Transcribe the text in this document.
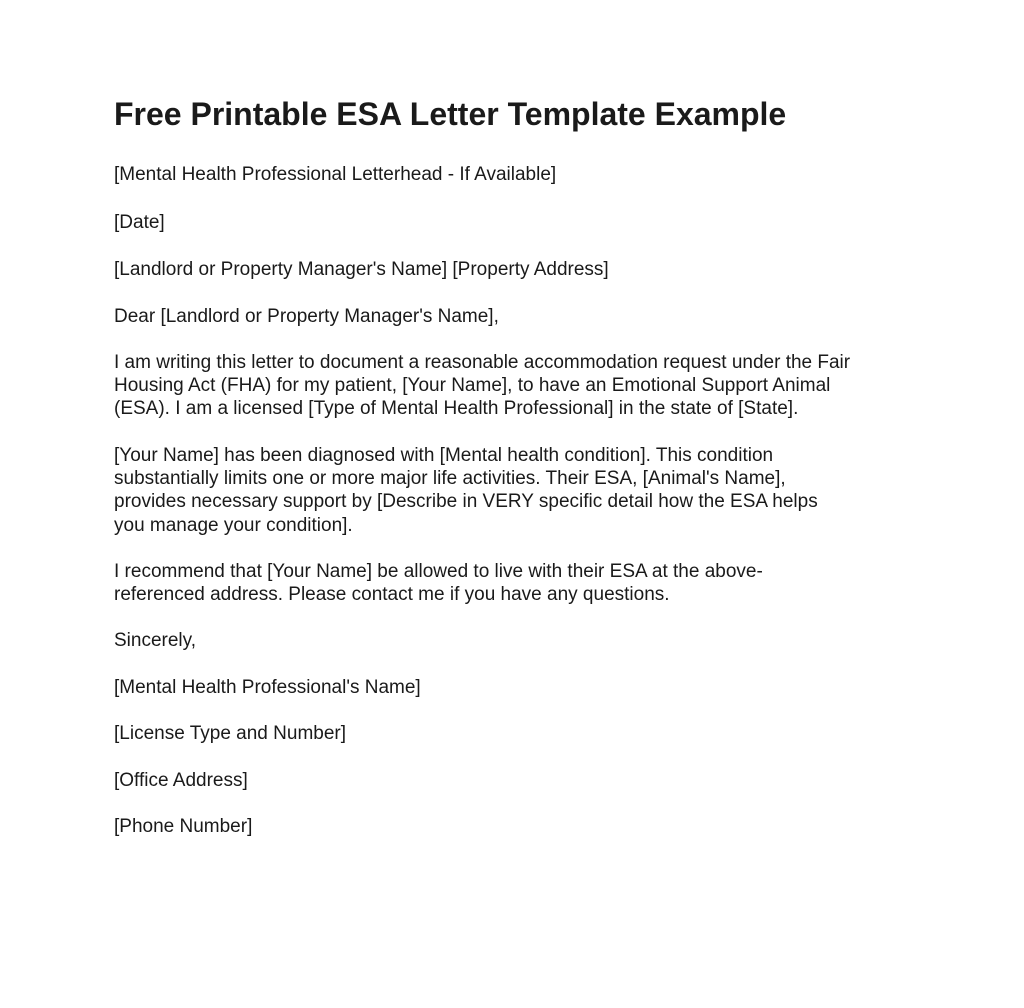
Free Printable ESA Letter Template Example

[Mental Health Professional Letterhead - If Available]

[Date]

[Landlord or Property Manager's Name] [Property Address]

Dear [Landlord or Property Manager's Name],

I am writing this letter to document a reasonable accommodation request under the Fair
Housing Act (FHA) for my patient, [Your Name], to have an Emotional Support Animal
(ESA). I am a licensed [Type of Mental Health Professional] in the state of [State].
[Your Name] has been diagnosed with [Mental health condition]. This condition
substantially limits one or more major life activities. Their ESA, [Animal's Name],
provides necessary support by [Describe in VERY specific detail how the ESA helps
you manage your condition].
I recommend that [Your Name] be allowed to live with their ESA at the above-
referenced address. Please contact me if you have any questions.

Sincerely,

[Mental Health Professional's Name]

[License Type and Number]

[Office Address]

[Phone Number]
